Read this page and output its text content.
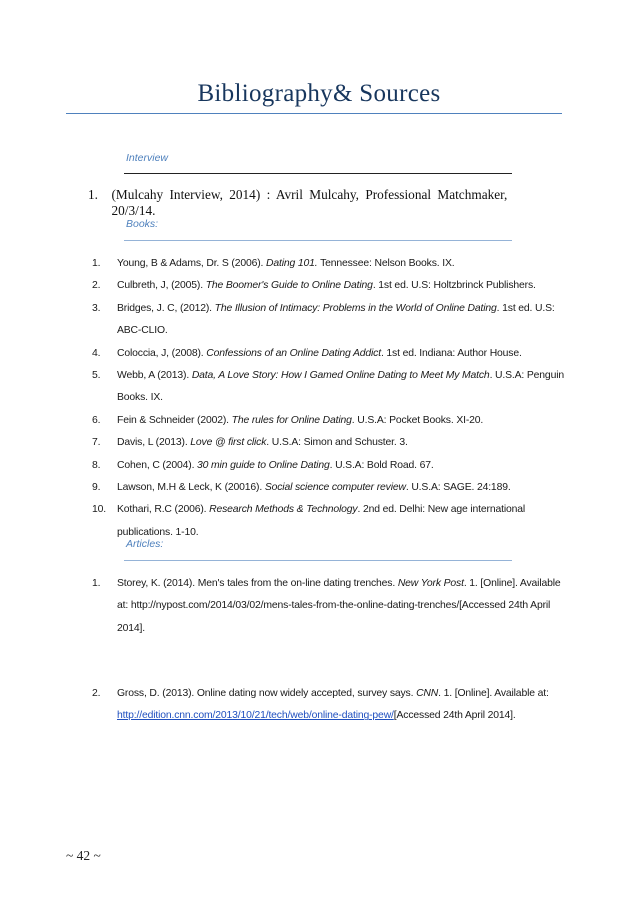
Bibliography& Sources
Interview
1.	(Mulcahy Interview, 2014) : Avril Mulcahy, Professional Matchmaker, 20/3/14.
Books:
1. Young, B & Adams, Dr. S (2006). Dating 101. Tennessee: Nelson Books. IX.
2. Culbreth, J, (2005). The Boomer's Guide to Online Dating. 1st ed. U.S: Holtzbrinck Publishers.
3. Bridges, J. C, (2012). The Illusion of Intimacy: Problems in the World of Online Dating. 1st ed. U.S: ABC-CLIO.
4. Coloccia, J, (2008). Confessions of an Online Dating Addict. 1st ed. Indiana: Author House.
5. Webb, A (2013). Data, A Love Story: How I Gamed Online Dating to Meet My Match. U.S.A: Penguin Books. IX.
6. Fein & Schneider (2002). The rules for Online Dating. U.S.A: Pocket Books. XI-20.
7. Davis, L (2013). Love @ first click. U.S.A: Simon and Schuster. 3.
8. Cohen, C (2004). 30 min guide to Online Dating. U.S.A: Bold Road. 67.
9. Lawson, M.H & Leck, K (20016). Social science computer review. U.S.A: SAGE. 24:189.
10. Kothari, R.C (2006). Research Methods & Technology. 2nd ed. Delhi: New age international publications. 1-10.
Articles:
1. Storey, K. (2014). Men's tales from the on-line dating trenches. New York Post. 1. [Online]. Available at: http://nypost.com/2014/03/02/mens-tales-from-the-online-dating-trenches/[Accessed 24th April 2014].
2. Gross, D. (2013). Online dating now widely accepted, survey says. CNN. 1. [Online]. Available at: http://edition.cnn.com/2013/10/21/tech/web/online-dating-pew/[Accessed 24th April 2014].
~ 42 ~
